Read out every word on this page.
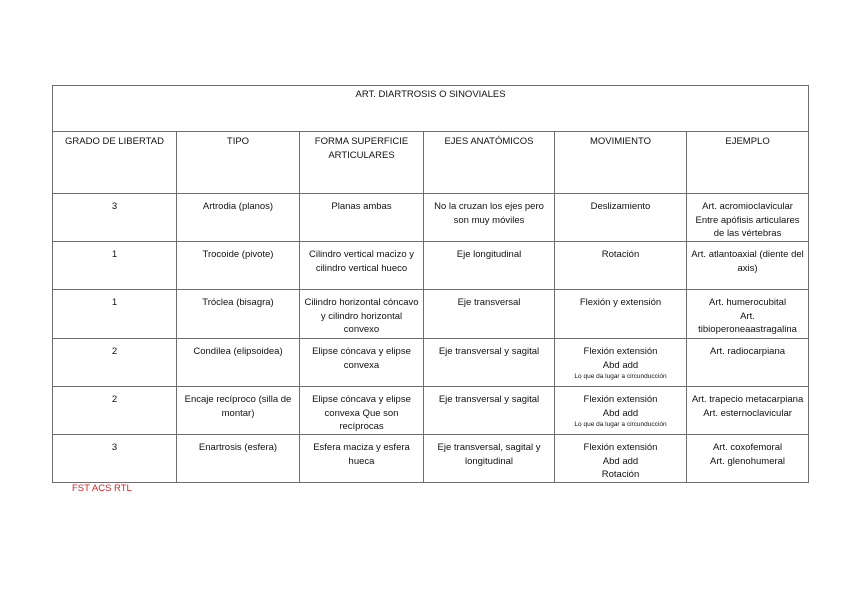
ART. DIARTROSIS O SINOVIALES					
GRADO DE LIBERTAD	TIPO	FORMA SUPERFICIE ARTICULARES	EJES ANATÓMICOS	MOVIMIENTO	EJEMPLO
3	Artrodia (planos)	Planas ambas	No la cruzan los ejes pero son muy móviles	Deslizamiento	Art. acromioclavicular
Entre apófisis articulares de las vértebras

1	Trocoide (pivote)	Cilindro vertical macizo y cilindro vertical hueco	Eje longitudinal	Rotación	Art. atlantoaxial (diente del axis)

1	Tróclea (bisagra)	Cilindro horizontal cóncavo y cilindro horizontal convexo	Eje transversal	Flexión y extensión	Art. humerocubital
Art. tibioperoneaastragalina

2	Condilea (elipsoidea)	Elipse cóncava y elipse convexa	Eje transversal y sagital	Flexión extensión
Abd add
Lo que da lugar a circunducción	Art. radiocarpiana

2	Encaje recíproco (silla de montar)	Elipse cóncava y elipse convexa Que son recíprocas	Eje transversal y sagital	Flexión extensión
Abd add
Lo que da lugar a circunducción	Art. trapecio metacarpiana
Art. esternoclavicular

3	Enartrosis (esfera)	Esfera maciza y esfera hueca	Eje transversal, sagital y longitudinal	Flexión extensión
Abd add
Rotación	Art. coxofemoral
Art. glenohumeral
FST ACS RTL
